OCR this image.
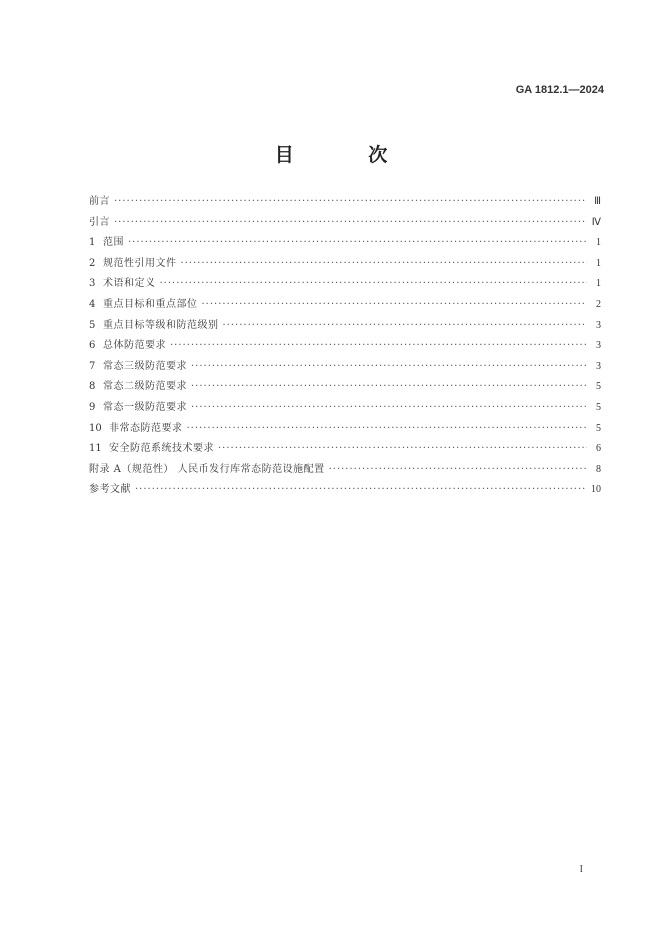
GA 1812.1—2024
目 次
前言 ·····	Ⅲ
引言 ·····	Ⅳ
1 范围 ·····	1
2 规范性引用文件 ·····	1
3 术语和定义 ·····	1
4 重点目标和重点部位 ·····	2
5 重点目标等级和防范级别 ·····	3
6 总体防范要求 ·····	3
7 常态三级防范要求 ·····	3
8 常态二级防范要求 ·····	5
9 常态一级防范要求 ·····	5
10 非常态防范要求 ·····	5
11 安全防范系统技术要求 ·····	6
附录 A（规范性） 人民币发行库常态防范设施配置 ·····	8
参考文献 ·····	10
I
